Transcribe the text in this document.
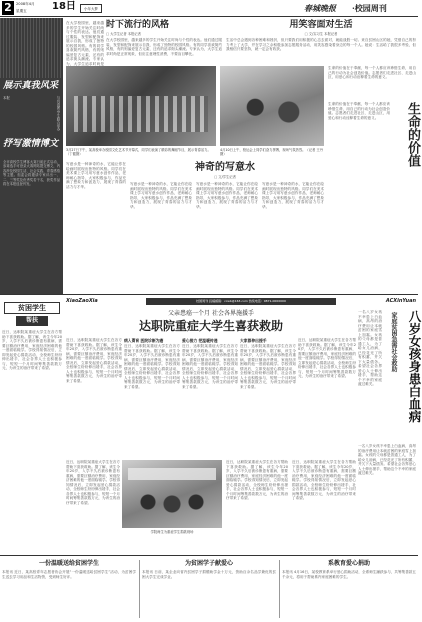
2	2008年4月
星期五	18日	小年大梦	春城晚报	·校园周刊
展示真我风采
本报	与共青团·学生联合举办
抒写激情博文
全市高校学生博客大赛日前正式启动，参赛选手可登录大赛网站提交博文，内容涉及校园生活、社会实践、青春感悟等主题。组委会将邀请专家评出一、二、三等奖及优秀奖若干名，获奖作品将在本报选登刊发。
时下流行的风格
□ 大学生记者 本报记者
在大学校园里，越来越多的学生开始关注时尚与个性的表达。他们通过服装、发型和配饰来展示自我，形成了独特的校园风格。有的同学喜欢简约风格，有的则偏爱复古元素，还有的追求街头潮流。专家认为，大学生追求时尚是
在大学校园里，越来越多的学生开始关注时尚与个性的表达。他们通过服装、发型和配饰来展示自我，形成了独特的校园风格。有的同学喜欢简约风格，有的则偏爱复古元素，还有的追求街头潮流。专家认为，大学生追求时尚是正常现象，但应注意理性消费，不要盲目攀比。
用笑容面对生活
□ 文/实习生 本报记者
生活中总会遇到各种困难和挫折，但只要我们用积极的心态去面对，就能战胜一切。来自贫困山区的她，凭借自己的努力考上了大学，并在学习之余积极参加志愿服务活动，用笑容感染着身边的每一个人。她说：生活给了我很多考验，但我相信只要坚持，就一定会有收获。
3月27日下午，某高校举办校园文化艺术节开幕式，同学们表演了精彩的舞蹈节目，展示青春活力。（丁健摄）
4月10日上午，校运会上同学们奋力拼搏，现场气氛热烈。（记者 王丹摄）
生命的价值在于奉献，每一个人都应该珍惜生命，用自己的行动为社会创造价值。志愿者们走进社区、走进山区，用爱心和行动诠释着生命的意义。
生命的价值
生命的价值在于奉献，每一个人都应该珍惜生命，用自己的行动为社会创造价值。志愿者们走进社区、走进山区，用爱心和行动诠释着生命的意义。
写意水是一种神奇的水，它能让你在绘画时展现出独特的风格。同学们在美术课上学习用写意水创作作品，老师耐心指导，大家积极参与，作品充满了想象力和创造力，展现了青春的活力与才华。
神奇的写意水
□ 文/学生记者
写意水是一种神奇的水，它能让你在绘画时展现出独特的风格。同学们在美术课上学习用写意水创作作品，老师耐心指导，大家积极参与，作品充满了想象力和创造力，展现了青春的活力与才华。
写意水是一种神奇的水，它能让你在绘画时展现出独特的风格。同学们在美术课上学习用写意水创作作品，老师耐心指导，大家积极参与，作品充满了想象力和创造力，展现了青春的活力与才华。
写意水是一种神奇的水，它能让你在绘画时展现出独特的风格。同学们在美术课上学习用写意水创作作品，老师耐心指导，大家积极参与，作品充满了想象力和创造力，展现了青春的活力与才华。
XiaoZaoXia	校园周刊 投稿邮箱：ccwb@163.com 热线电话：0871-0000000	ACXinYuan
贫困学生
帮扶
近日，达职院某重症大学生在各方帮助下喜获救助。据了解，该生今年20岁，入学不久后被诊断患有重病，需要巨额治疗费用，家庭经济困难的他一度面临辍学。学校得知情况后，立即发起爱心捐款活动，全校师生纷纷伸出援手，社会各界人士也积极参与，短短一个月时间筹集善款数万元，为该生的治疗带来了希望。
父亲患癌一个月 社会各界施援手
达职院重症大学生喜获救助
近日，达职院某重症大学生在各方帮助下喜获救助。据了解，该生今年20岁，入学不久后被诊断患有重病，需要巨额治疗费用，家庭经济困难的他一度面临辍学。学校得知情况后，立即发起爱心捐款活动，全校师生纷纷伸出援手，社会各界人士也积极参与，短短一个月时间筹集善款数万元，为该生的治疗带来了希望。
病入膏肓 医院诊断为癌
近日，达职院某重症大学生在各方帮助下喜获救助。据了解，该生今年20岁，入学不久后被诊断患有重病，需要巨额治疗费用，家庭经济困难的他一度面临辍学。学校得知情况后，立即发起爱心捐款活动，全校师生纷纷伸出援手，社会各界人士也积极参与，短短一个月时间筹集善款数万元，为该生的治疗带来了希望。
爱心接力 把温暖传递
近日，达职院某重症大学生在各方帮助下喜获救助。据了解，该生今年20岁，入学不久后被诊断患有重病，需要巨额治疗费用，家庭经济困难的他一度面临辍学。学校得知情况后，立即发起爱心捐款活动，全校师生纷纷伸出援手，社会各界人士也积极参与，短短一个月时间筹集善款数万元，为该生的治疗带来了希望。
大家都伸出援手
近日，达职院某重症大学生在各方帮助下喜获救助。据了解，该生今年20岁，入学不久后被诊断患有重病，需要巨额治疗费用，家庭经济困难的他一度面临辍学。学校得知情况后，立即发起爱心捐款活动，全校师生纷纷伸出援手，社会各界人士也积极参与，短短一个月时间筹集善款数万元，为该生的治疗带来了希望。
近日，达职院某重症大学生在各方帮助下喜获救助。据了解，该生今年20岁，入学不久后被诊断患有重病，需要巨额治疗费用，家庭经济困难的他一度面临辍学。学校得知情况后，立即发起爱心捐款活动，全校师生纷纷伸出援手，社会各界人士也积极参与，短短一个月时间筹集善款数万元，为该生的治疗带来了希望。
学院师生为重症学生捐款现场
近日，达职院某重症大学生在各方帮助下喜获救助。据了解，该生今年20岁，入学不久后被诊断患有重病，需要巨额治疗费用，家庭经济困难的他一度面临辍学。学校得知情况后，立即发起爱心捐款活动，全校师生纷纷伸出援手，社会各界人士也积极参与，短短一个月时间筹集善款数万元，为该生的治疗带来了希望。
近日，达职院某重症大学生在各方帮助下喜获救助。据了解，该生今年20岁，入学不久后被诊断患有重病，需要巨额治疗费用，家庭经济困难的他一度面临辍学。学校得知情况后，立即发起爱心捐款活动，全校师生纷纷伸出援手，社会各界人士也积极参与，短短一个月时间筹集善款数万元，为该生的治疗带来了希望。
近日，达职院某重症大学生在各方帮助下喜获救助。据了解，该生今年20岁，入学不久后被诊断患有重病，需要巨额治疗费用，家庭经济困难的他一度面临辍学。学校得知情况后，立即发起爱心捐款活动，全校师生纷纷伸出援手，社会各界人士也积极参与，短短一个月时间筹集善款数万元，为该生的治疗带来了希望。
八岁女孩身患白血病
家庭贫困急需社会救助
一名八岁女孩不幸患上白血病，高昂的治疗费用让本就贫困的家庭雪上加霜。女孩的父母都是普通工人，为了给女儿治病，已经花光了所有积蓄，并欠下大量债务。希望社会各界爱心人士伸出援手，帮助这个不幸的家庭渡过难关。
一名八岁女孩不幸患上白血病，高昂的治疗费用让本就贫困的家庭雪上加霜。女孩的父母都是普通工人，为了给女儿治病，已经花光了所有积蓄，并欠下大量债务。希望社会各界爱心人士伸出援手，帮助这个不幸的家庭渡过难关。
一份温暖送给贫困学生
本报讯 近日，某高校青年志愿者协会开展“一份温暖送给贫困学生”活动，为贫困学生送去学习用品和生活物资，受到师生好评。
为贫困学子献爱心
本报讯 日前，某企业向省内贫困学子捐赠助学金十万元，资助百余名品学兼优的贫困大学生完成学业。
系教育爱心捐助
本报讯 4月16日，某校教育系举行爱心捐助活动，全系师生踊跃参与，共筹集善款五千余元，将用于帮助系内家庭困难的学生。
